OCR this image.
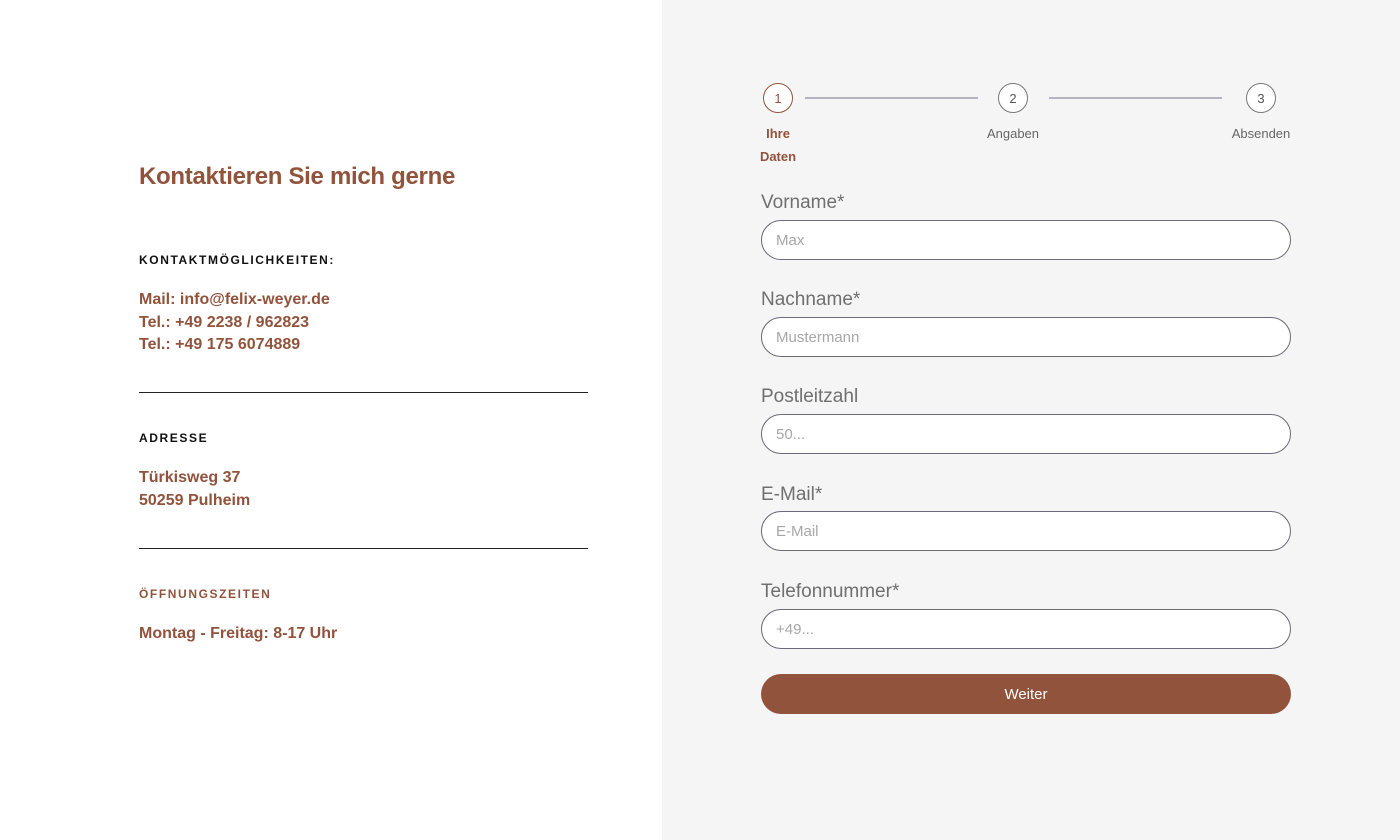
Kontaktieren Sie mich gerne
KONTAKTMÖGLICHKEITEN:
Mail: info@felix-weyer.de
Tel.: +49 2238 / 962823
Tel.: +49 175 6074889
ADRESSE
Türkisweg 37
50259 Pulheim
ÖFFNUNGSZEITEN
Montag - Freitag: 8-17 Uhr
1	2	3
Ihre
Daten
Angaben	Absenden
Vorname*
Max
Nachname*
Mustermann
Postleitzahl
50...
E-Mail*
E-Mail
Telefonnummer*
+49...
Weiter
